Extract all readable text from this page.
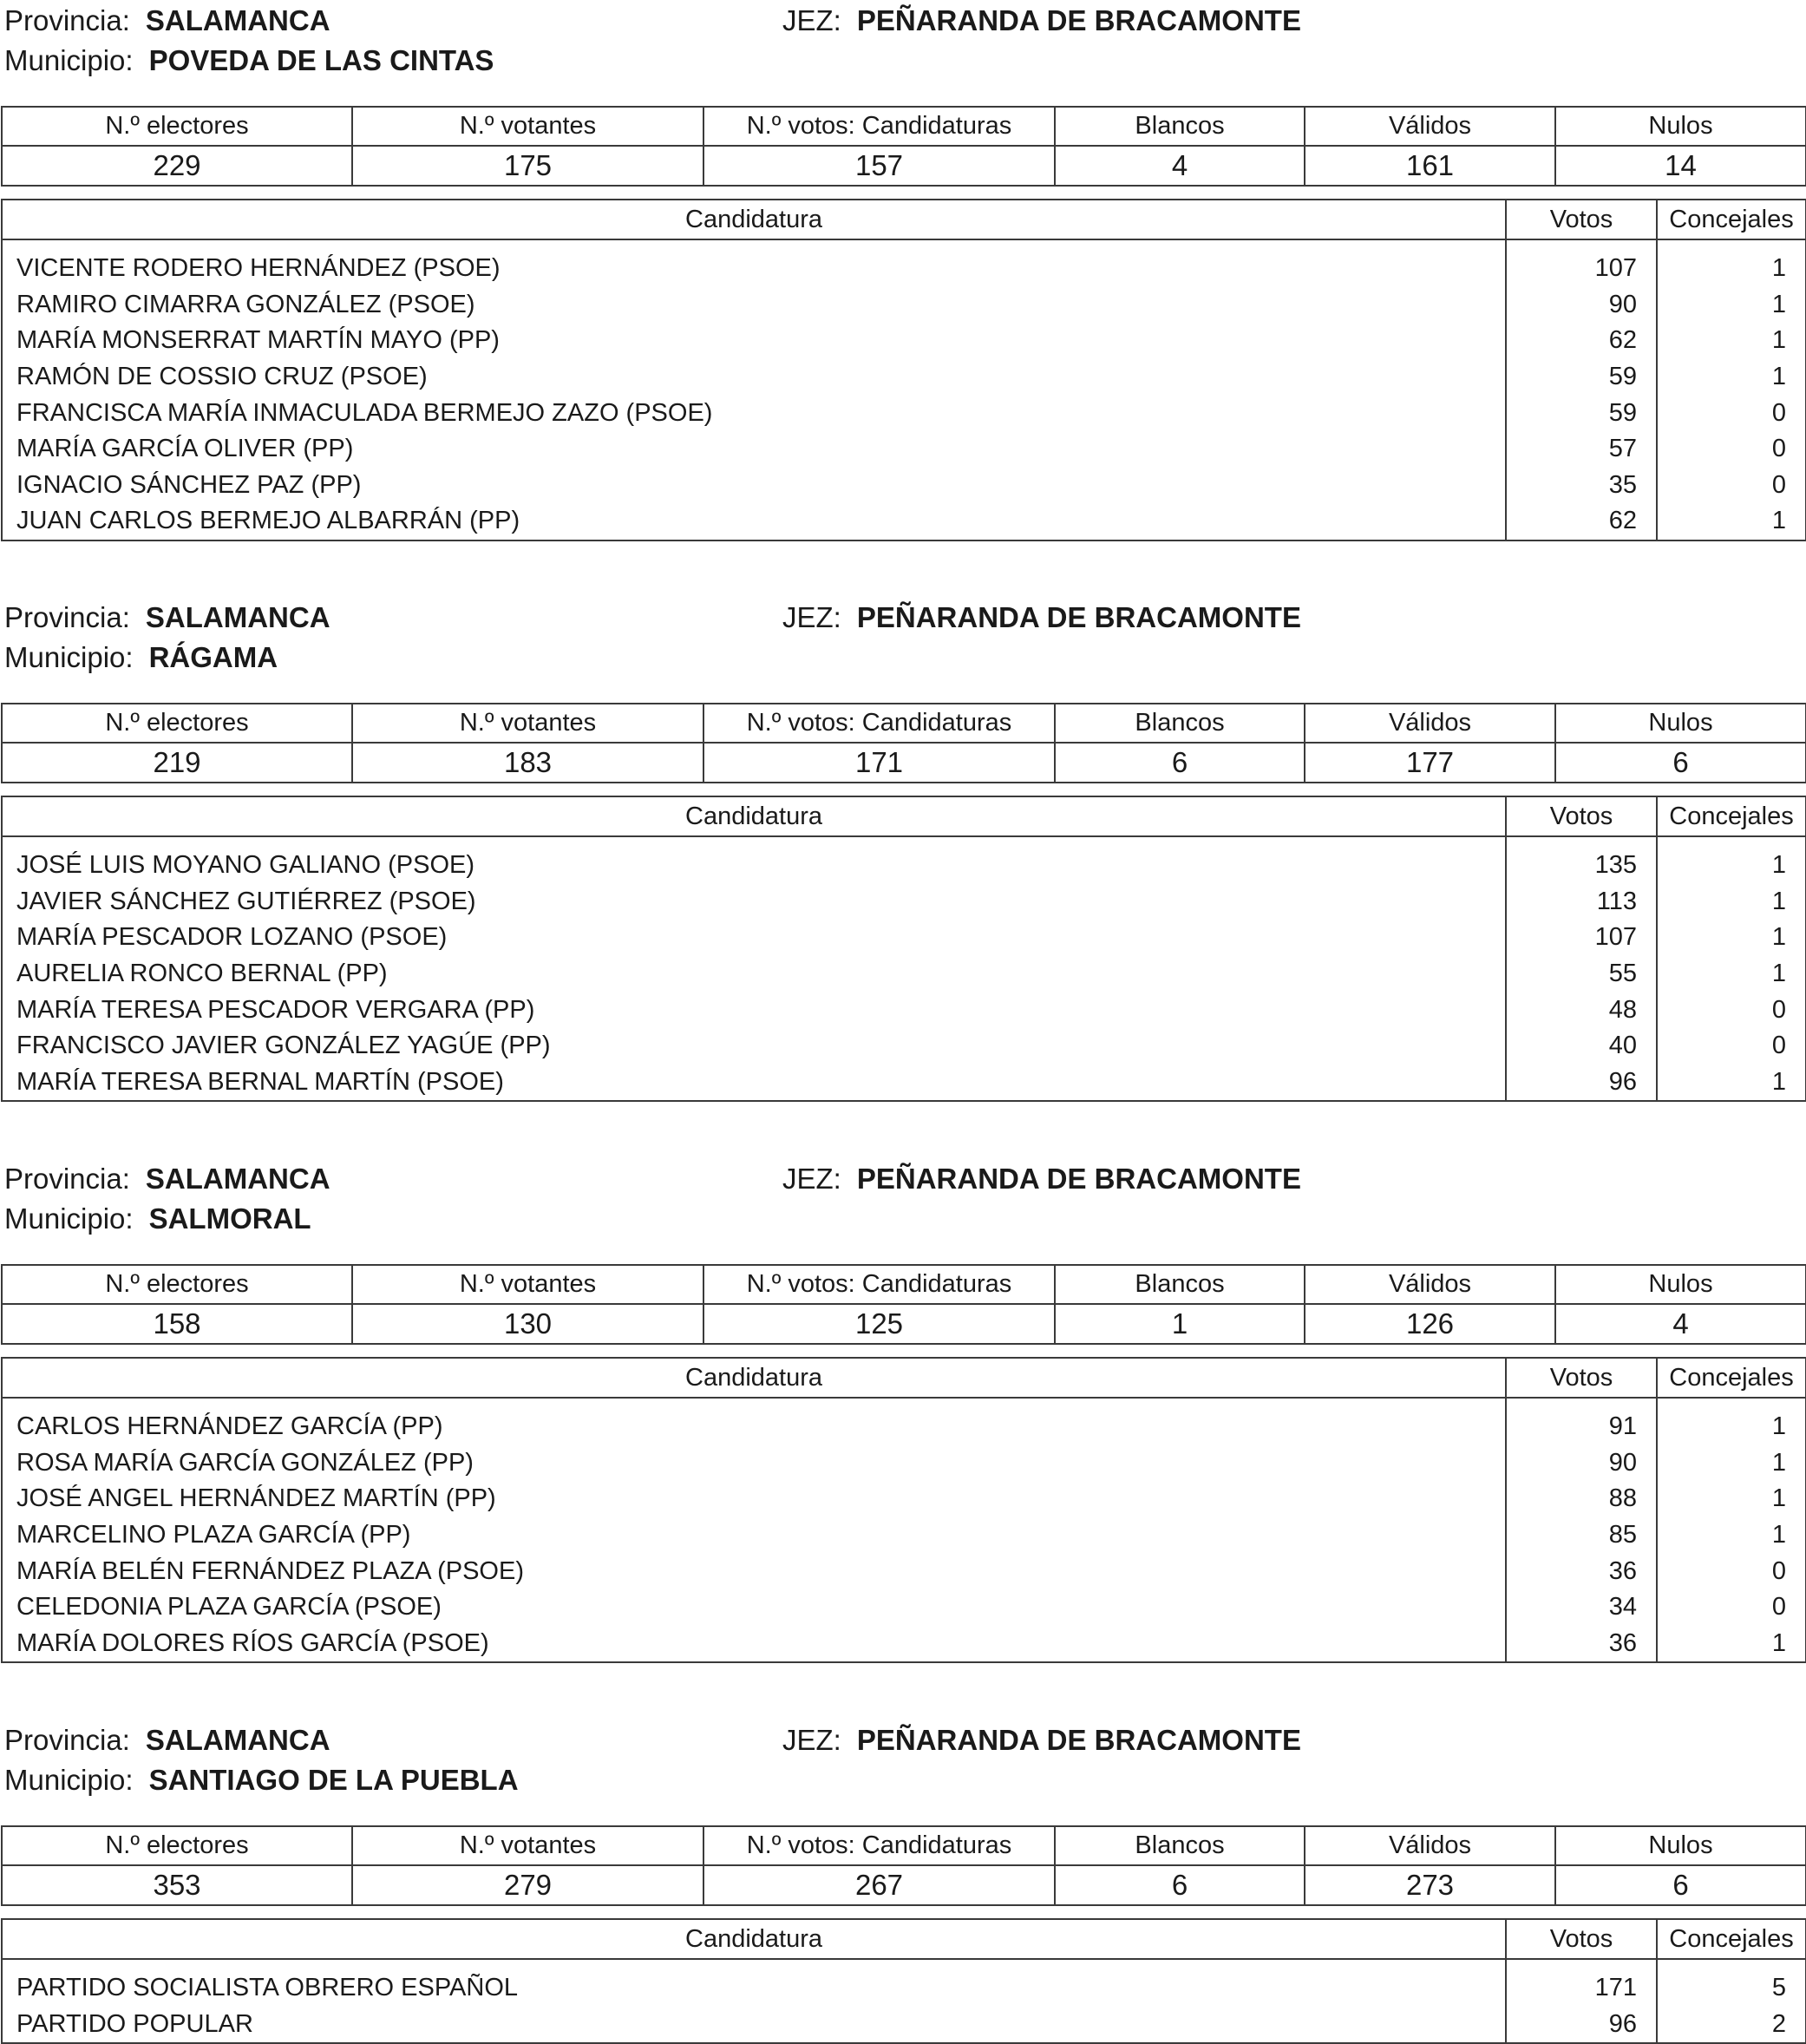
Provincia: SALAMANCA	JEZ: PEÑARANDA DE BRACAMONTE
Municipio: POVEDA DE LAS CINTAS
N.º electores	N.º votantes	N.º votos: Candidaturas	Blancos	Válidos	Nulos
229	175	157	4	161	14
Candidatura	Votos	Concejales
VICENTE RODERO HERNÁNDEZ (PSOE)	107	1
RAMIRO CIMARRA GONZÁLEZ (PSOE)	90	1
MARÍA MONSERRAT MARTÍN MAYO (PP)	62	1
RAMÓN DE COSSIO CRUZ (PSOE)	59	1
FRANCISCA MARÍA INMACULADA BERMEJO ZAZO (PSOE)	59	0
MARÍA GARCÍA OLIVER (PP)	57	0
IGNACIO SÁNCHEZ PAZ (PP)	35	0
JUAN CARLOS BERMEJO ALBARRÁN (PP)	62	1
Provincia: SALAMANCA	JEZ: PEÑARANDA DE BRACAMONTE
Municipio: RÁGAMA
N.º electores	N.º votantes	N.º votos: Candidaturas	Blancos	Válidos	Nulos
219	183	171	6	177	6
Candidatura	Votos	Concejales
JOSÉ LUIS MOYANO GALIANO (PSOE)	135	1
JAVIER SÁNCHEZ GUTIÉRREZ (PSOE)	113	1
MARÍA PESCADOR LOZANO (PSOE)	107	1
AURELIA RONCO BERNAL (PP)	55	1
MARÍA TERESA PESCADOR VERGARA (PP)	48	0
FRANCISCO JAVIER GONZÁLEZ YAGÚE (PP)	40	0
MARÍA TERESA BERNAL MARTÍN (PSOE)	96	1
Provincia: SALAMANCA	JEZ: PEÑARANDA DE BRACAMONTE
Municipio: SALMORAL
N.º electores	N.º votantes	N.º votos: Candidaturas	Blancos	Válidos	Nulos
158	130	125	1	126	4
Candidatura	Votos	Concejales
CARLOS HERNÁNDEZ GARCÍA (PP)	91	1
ROSA MARÍA GARCÍA GONZÁLEZ (PP)	90	1
JOSÉ ANGEL HERNÁNDEZ MARTÍN (PP)	88	1
MARCELINO PLAZA GARCÍA (PP)	85	1
MARÍA BELÉN FERNÁNDEZ PLAZA (PSOE)	36	0
CELEDONIA PLAZA GARCÍA (PSOE)	34	0
MARÍA DOLORES RÍOS GARCÍA (PSOE)	36	1
Provincia: SALAMANCA	JEZ: PEÑARANDA DE BRACAMONTE
Municipio: SANTIAGO DE LA PUEBLA
N.º electores	N.º votantes	N.º votos: Candidaturas	Blancos	Válidos	Nulos
353	279	267	6	273	6
Candidatura	Votos	Concejales
PARTIDO SOCIALISTA OBRERO ESPAÑOL	171	5
PARTIDO POPULAR	96	2
